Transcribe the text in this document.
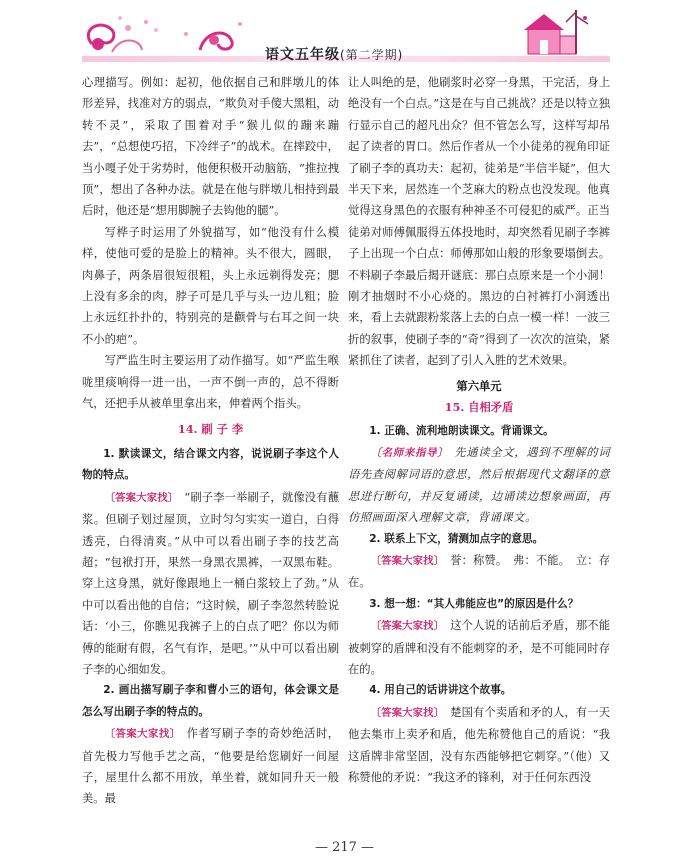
语文五年级(第二学期)

心理描写。例如：起初，他依据自己和胖墩儿的体形差异，找准对方的弱点，“欺负对手傻大黑粗，动转不灵”，采取了围着对手“猴儿似的蹦来蹦去”，“总想使巧招，下冷绊子”的战术。在摔跤中，当小嘎子处于劣势时，他便积极开动脑筋，“推拉拽顶”，想出了各种办法。就是在他与胖墩儿相持到最后时，他还是“想用脚腕子去钩他的腿”。

写桦子时运用了外貌描写，如“他没有什么模样，使他可爱的是脸上的精神。头不很大，圆眼，肉鼻子，两条眉很短很粗，头上永远剃得发亮；腮上没有多余的肉，脖子可是几乎与头一边儿粗；脸上永远红扑扑的，特别亮的是颧骨与右耳之间一块不小的疤”。

写严监生时主要运用了动作描写。如“严监生喉咙里痰响得一进一出，一声不倒一声的，总不得断气，还把手从被单里拿出来，伸着两个指头。

14. 刷 子 李

1. 默读课文，结合课文内容，说说刷子李这个人物的特点。

〔答案大家找〕 “刷子李一举刷子，就像没有蘸浆。但刷子划过屋顶，立时匀匀实实一道白，白得透亮，白得清爽。”从中可以看出刷子李的技艺高超；“包袱打开，果然一身黑衣黑裤，一双黑布鞋。穿上这身黑，就好像跟地上一桶白浆较上了劲。”从中可以看出他的自信；“这时候，刷子李忽然转脸说话：‘小三，你瞧见我裤子上的白点了吧？你以为师傅的能耐有假，名气有诈，是吧。’”从中可以看出刷子李的心细如发。

2. 画出描写刷子李和曹小三的语句，体会课文是怎么写出刷子李的特点的。

〔答案大家找〕 作者写刷子李的奇妙绝活时，首先极力写他手艺之高，“他要是给您刷好一间屋子，屋里什么都不用放，单坐着，就如同升天一般美。最

让人叫绝的是，他刷浆时必穿一身黑，干完活，身上绝没有一个白点。”这是在与自己挑战？还是以特立独行显示自己的超凡出众？但不管怎么写，这样写却吊起了读者的胃口。然后作者从一个小徒弟的视角印证了刷子李的真功夫：起初，徒弟是“半信半疑”，但大半天下来，居然连一个芝麻大的粉点也没发现。他真觉得这身黑色的衣服有种神圣不可侵犯的威严。正当徒弟对师傅佩服得五体投地时，却突然看见刷子李裤子上出现一个白点：师傅那如山般的形象要塌倒去。不料刷子李最后揭开谜底：那白点原来是一个小洞！刚才抽烟时不小心烧的。黑边的白衬裤打小洞透出来，看上去就跟粉浆落上去的白点一模一样！一波三折的叙事，使刷子李的“奇”得到了一次次的渲染，紧紧抓住了读者，起到了引人入胜的艺术效果。

第六单元

15. 自相矛盾

1. 正确、流利地朗读课文。背诵课文。

〔名师来指导〕 先通读全文，遇到不理解的词语先查阅解词语的意思，然后根据现代文翻译的意思进行断句，并反复诵读，边诵读边想象画面，再仿照画面深入理解文章，背诵课文。

2. 联系上下文，猜测加点字的意思。

〔答案大家找〕 誉：称赞。　弗：不能。　立：存在。

3. 想一想：“其人弗能应也”的原因是什么？

〔答案大家找〕 这个人说的话前后矛盾，那不能被刺穿的盾牌和没有不能刺穿的矛，是不可能同时存在的。

4. 用自己的话讲讲这个故事。

〔答案大家找〕 楚国有个卖盾和矛的人，有一天他去集市上卖矛和盾，他先称赞他自己的盾说：“我这盾牌非常坚固，没有东西能够把它刺穿。”（他）又称赞他的矛说：“我这矛的锋利，对于任何东西没

— 217 —
